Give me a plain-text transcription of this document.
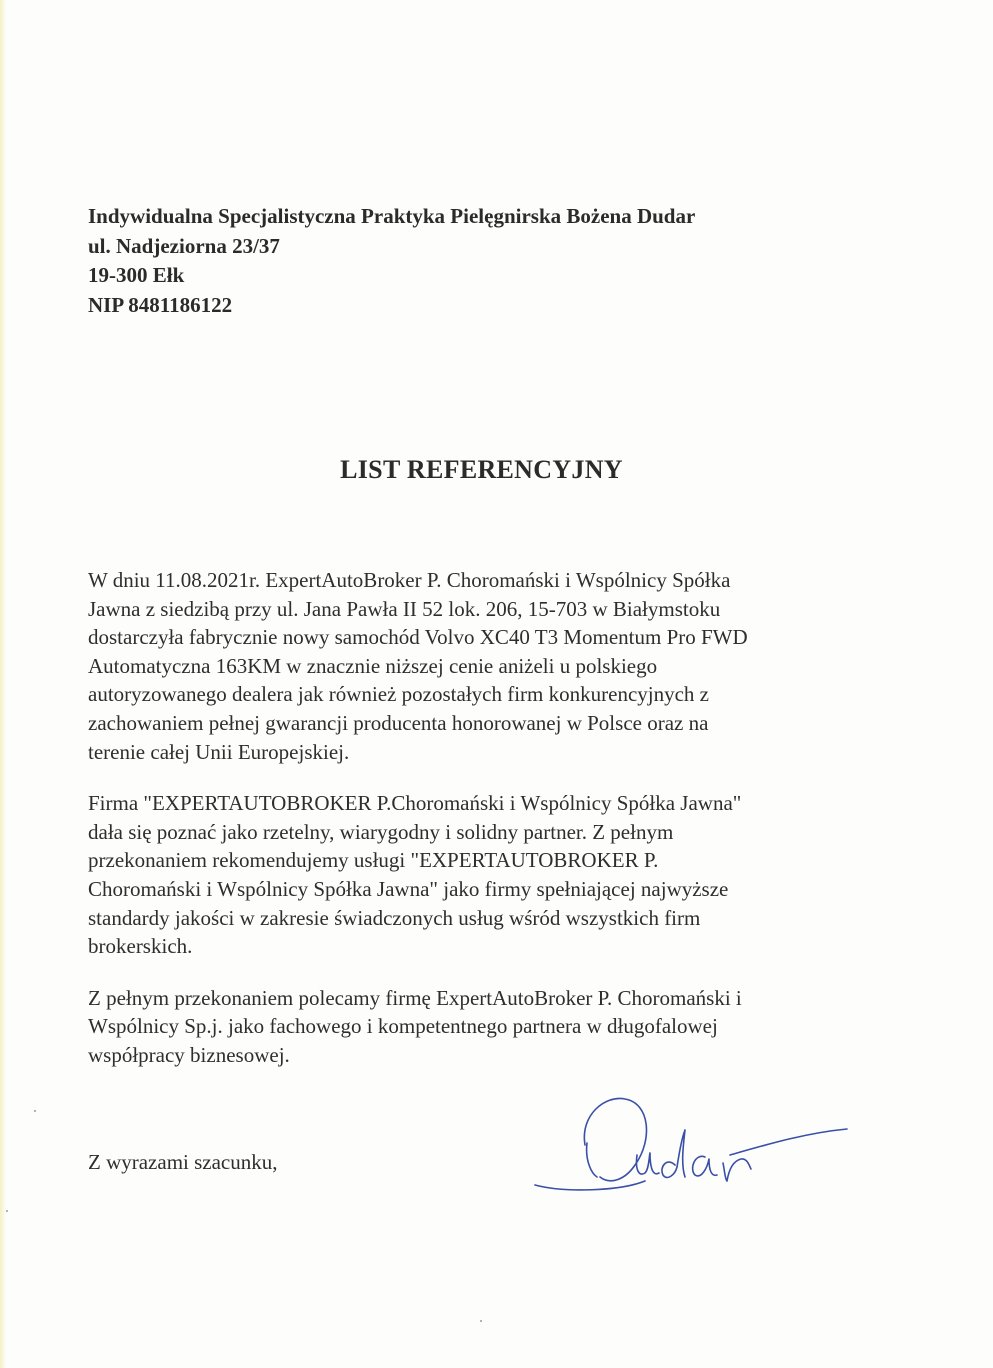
Indywidualna Specjalistyczna Praktyka Pielęgnirska Bożena Dudar
ul. Nadjeziorna 23/37
19-300 Ełk
NIP 8481186122
LIST REFERENCYJNY
W dniu 11.08.2021r. ExpertAutoBroker P. Choromański i Wspólnicy Spółka
Jawna z siedzibą przy ul. Jana Pawła II 52 lok. 206, 15-703 w Białymstoku
dostarczyła fabrycznie nowy samochód Volvo XC40 T3 Momentum Pro FWD
Automatyczna 163KM w znacznie niższej cenie aniżeli u polskiego
autoryzowanego dealera jak również pozostałych firm konkurencyjnych z
zachowaniem pełnej gwarancji producenta honorowanej w Polsce oraz na
terenie całej Unii Europejskiej.
Firma "EXPERTAUTOBROKER P.Choromański i Wspólnicy Spółka Jawna"
dała się poznać jako rzetelny, wiarygodny i solidny partner. Z pełnym
przekonaniem rekomendujemy usługi "EXPERTAUTOBROKER P.
Choromański i Wspólnicy Spółka Jawna" jako firmy spełniającej najwyższe
standardy jakości w zakresie świadczonych usług wśród wszystkich firm
brokerskich.
Z pełnym przekonaniem polecamy firmę ExpertAutoBroker P. Choromański i
Wspólnicy Sp.j. jako fachowego i kompetentnego partnera w długofalowej
współpracy biznesowej.
Z wyrazami szacunku,
